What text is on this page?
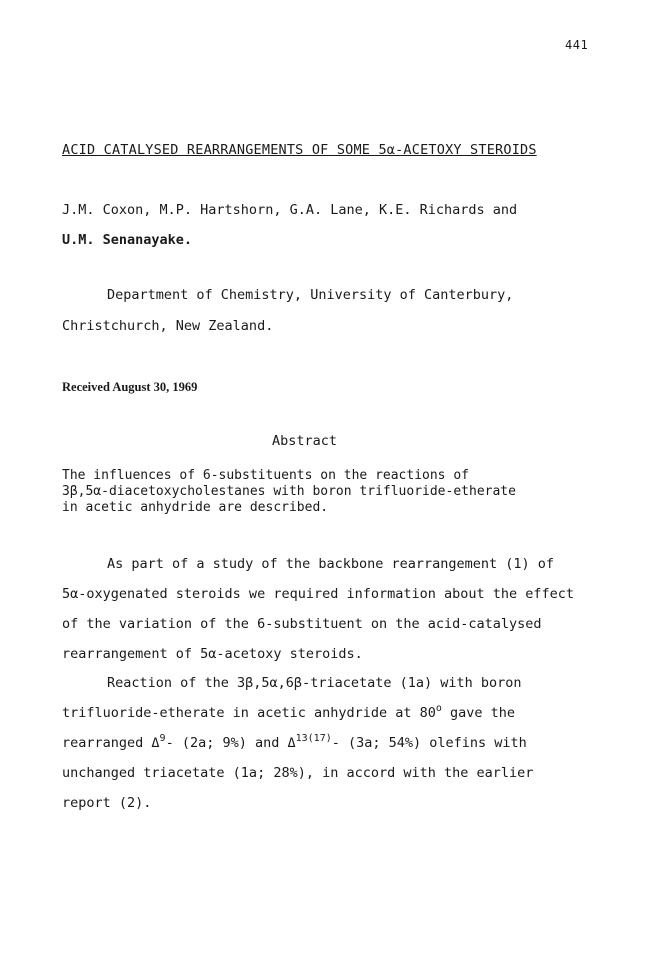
441
ACID CATALYSED REARRANGEMENTS OF SOME 5α-ACETOXY STEROIDS
J.M. Coxon, M.P. Hartshorn, G.A. Lane, K.E. Richards and
U.M. Senanayake.
Department of Chemistry, University of Canterbury,
Christchurch, New Zealand.
Received August 30, 1969
Abstract
The influences of 6-substituents on the reactions of
3β,5α-diacetoxycholestanes with boron trifluoride-etherate
in acetic anhydride are described.
As part of a study of the backbone rearrangement (1) of
5α-oxygenated steroids we required information about the effect
of the variation of the 6-substituent on the acid-catalysed
rearrangement of 5α-acetoxy steroids.
Reaction of the 3β,5α,6β-triacetate (1a) with boron
trifluoride-etherate in acetic anhydride at 80$^o$ gave the
rearranged $\Delta^9-$ (2a; 9%) and $\Delta^{13(17)}-$ (3a; 54%) olefins with
unchanged triacetate (1a; 28%), in accord with the earlier
report (2).
